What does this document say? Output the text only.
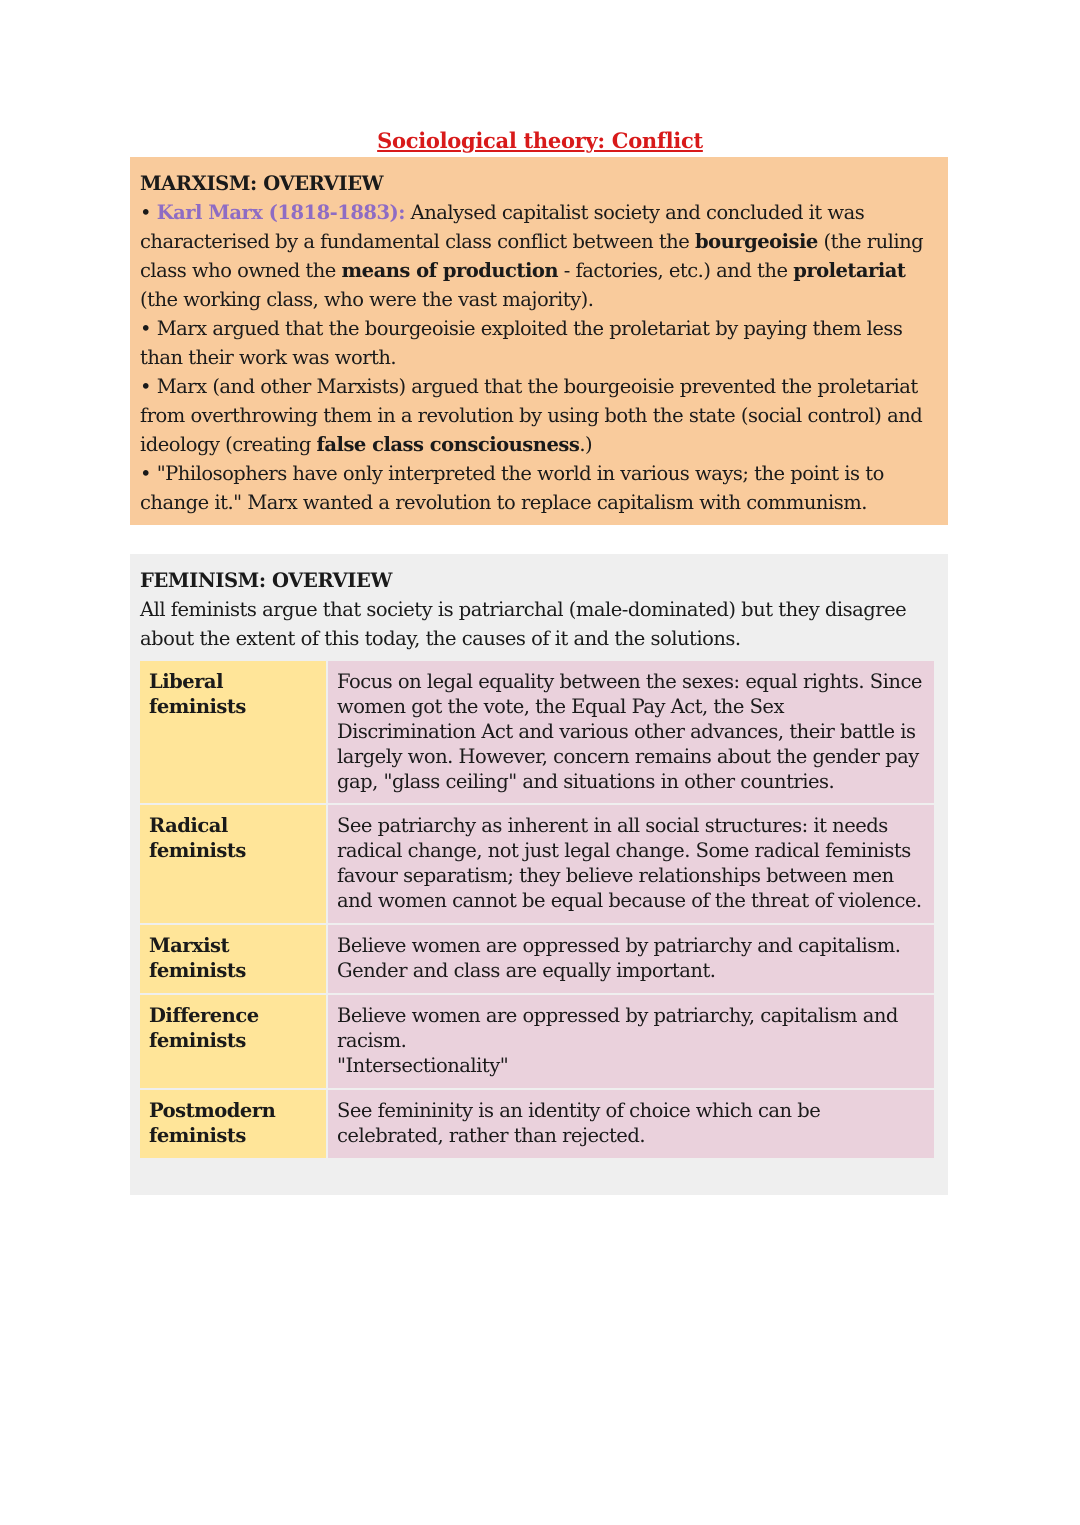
Sociological theory: Conflict
MARXISM: OVERVIEW
• Karl Marx (1818-1883): Analysed capitalist society and concluded it was characterised by a fundamental class conflict between the bourgeoisie (the ruling class who owned the means of production - factories, etc.) and the proletariat (the working class, who were the vast majority).
• Marx argued that the bourgeoisie exploited the proletariat by paying them less than their work was worth.
• Marx (and other Marxists) argued that the bourgeoisie prevented the proletariat from overthrowing them in a revolution by using both the state (social control) and ideology (creating false class consciousness.)
• "Philosophers have only interpreted the world in various ways; the point is to change it." Marx wanted a revolution to replace capitalism with communism.
FEMINISM: OVERVIEW
All feminists argue that society is patriarchal (male-dominated) but they disagree about the extent of this today, the causes of it and the solutions.
Liberal feminists	Focus on legal equality between the sexes: equal rights. Since women got the vote, the Equal Pay Act, the Sex Discrimination Act and various other advances, their battle is largely won. However, concern remains about the gender pay gap, "glass ceiling" and situations in other countries.
Radical feminists	See patriarchy as inherent in all social structures: it needs radical change, not just legal change. Some radical feminists favour separatism; they believe relationships between men and women cannot be equal because of the threat of violence.
Marxist feminists	Believe women are oppressed by patriarchy and capitalism. Gender and class are equally important.
Difference feminists	Believe women are oppressed by patriarchy, capitalism and racism.
"Intersectionality"

Postmodern feminists	See femininity is an identity of choice which can be celebrated, rather than rejected.
